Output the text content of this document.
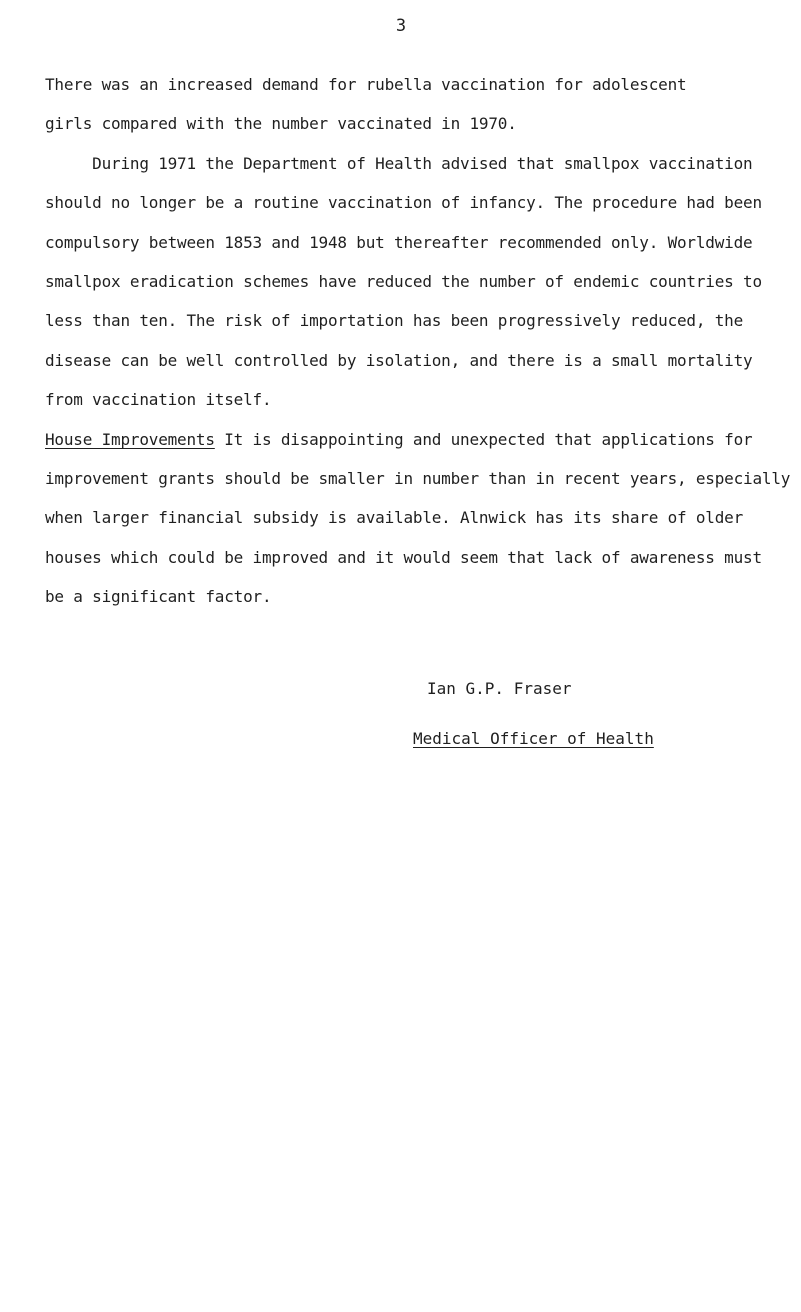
3
There was an increased demand for rubella vaccination for adolescent
girls compared with the number vaccinated in 1970.
During 1971 the Department of Health advised that smallpox vaccination
should no longer be a routine vaccination of infancy. The procedure had been
compulsory between 1853 and 1948 but thereafter recommended only. Worldwide
smallpox eradication schemes have reduced the number of endemic countries to
less than ten. The risk of importation has been progressively reduced, the
disease can be well controlled by isolation, and there is a small mortality
from vaccination itself.
House Improvements It is disappointing and unexpected that applications for
improvement grants should be smaller in number than in recent years, especially
when larger financial subsidy is available. Alnwick has its share of older
houses which could be improved and it would seem that lack of awareness must
be a significant factor.
Ian G.P. Fraser
Medical Officer of Health
